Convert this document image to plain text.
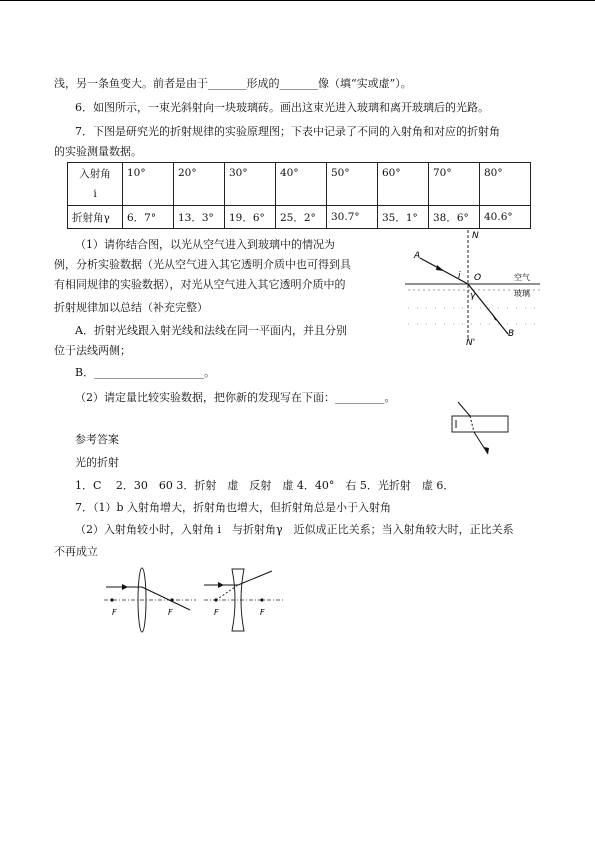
浅，另一条鱼变大。前者是由于_______形成的_______像（填“实或虚”）。
6．如图所示，一束光斜射向一块玻璃砖。画出这束光进入玻璃和离开玻璃后的光路。
7．下图是研究光的折射规律的实验原理图；下表中记录了不同的入射角和对应的折射角
的实验测量数据。
入射角
i	10°	20°	30°	40°	50°	60°	70°	80°
折射角γ	6．7°	13．3°	19．6°	25．2°	30.7°	35．1°	38．6°	40.6°
（1）请你结合图，以光从空气进入到玻璃中的情况为
例，分析实验数据（光从空气进入其它透明介质中也可得到具
有相同规律的实验数据），对光从空气进入其它透明介质中的
折射规律加以总结（补充完整）
A．折射光线跟入射光线和法线在同一平面内，并且分别
位于法线两侧；
B．____________________。
（2）请定量比较实验数据，把你新的发现写在下面：_________。
N
N'
A
B
O
i
γ
空气
玻璃
参考答案
光的折射
1．C　 2．30　60 3．折射　虚　反射　虚 4．40°　右 5．光折射　虚 6．
7．（1）b 入射角增大，折射角也增大，但折射角总是小于入射角
（2）入射角较小时，入射角 i　与折射角γ　近似成正比关系；当入射角较大时，正比关系
不再成立
F	F	F	F
